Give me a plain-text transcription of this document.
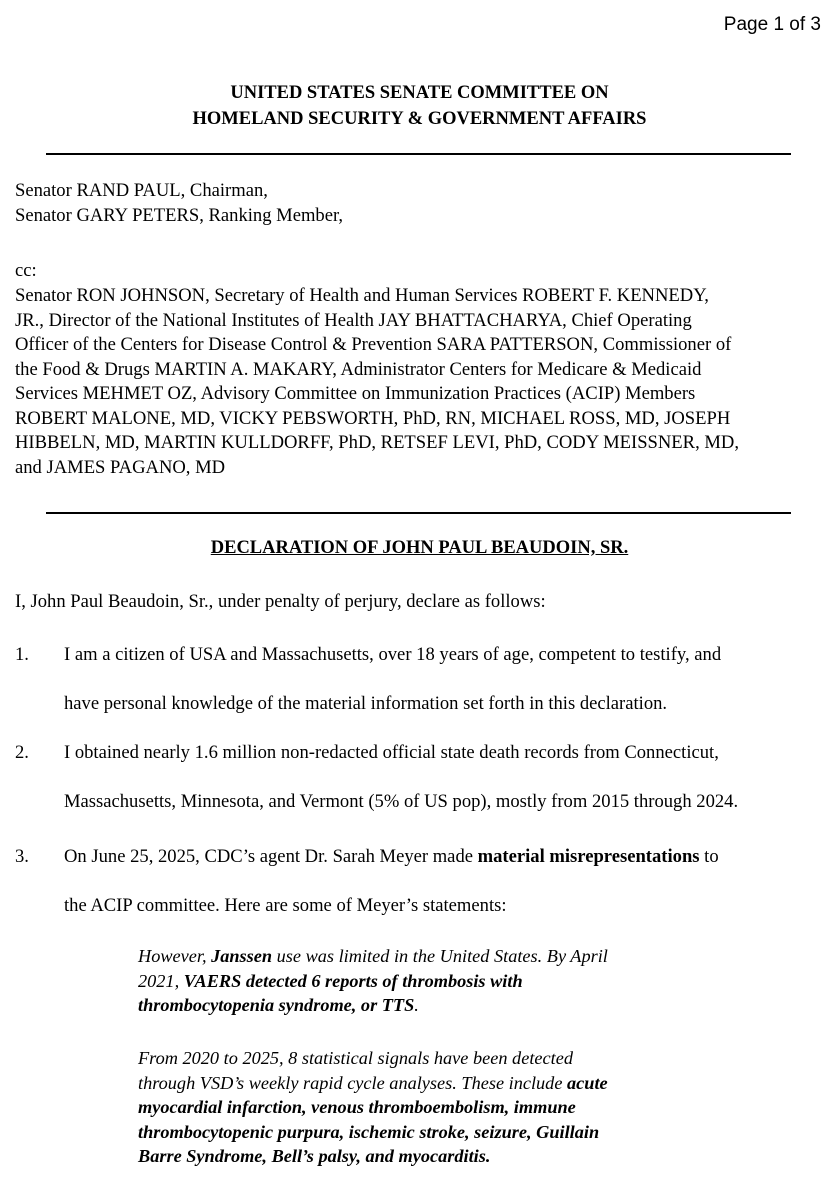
Page 1 of 3
UNITED STATES SENATE COMMITTEE ON
HOMELAND SECURITY & GOVERNMENT AFFAIRS
Senator RAND PAUL, Chairman,
Senator GARY PETERS, Ranking Member,
cc:
Senator RON JOHNSON, Secretary of Health and Human Services ROBERT F. KENNEDY,
JR., Director of the National Institutes of Health JAY BHATTACHARYA, Chief Operating
Officer of the Centers for Disease Control & Prevention SARA PATTERSON, Commissioner of
the Food & Drugs MARTIN A. MAKARY, Administrator Centers for Medicare & Medicaid
Services MEHMET OZ, Advisory Committee on Immunization Practices (ACIP) Members
ROBERT MALONE, MD, VICKY PEBSWORTH, PhD, RN, MICHAEL ROSS, MD, JOSEPH
HIBBELN, MD, MARTIN KULLDORFF, PhD, RETSEF LEVI, PhD, CODY MEISSNER, MD,
and JAMES PAGANO, MD
DECLARATION OF JOHN PAUL BEAUDOIN, SR.
I, John Paul Beaudoin, Sr., under penalty of perjury, declare as follows:
1. I am a citizen of USA and Massachusetts, over 18 years of age, competent to testify, and
have personal knowledge of the material information set forth in this declaration.
2. I obtained nearly 1.6 million non-redacted official state death records from Connecticut,
Massachusetts, Minnesota, and Vermont (5% of US pop), mostly from 2015 through 2024.
3. On June 25, 2025, CDC’s agent Dr. Sarah Meyer made material misrepresentations to
the ACIP committee. Here are some of Meyer’s statements:
However, Janssen use was limited in the United States. By April
2021, VAERS detected 6 reports of thrombosis with
thrombocytopenia syndrome, or TTS.
From 2020 to 2025, 8 statistical signals have been detected
through VSD’s weekly rapid cycle analyses. These include acute
myocardial infarction, venous thromboembolism, immune
thrombocytopenic purpura, ischemic stroke, seizure, Guillain
Barre Syndrome, Bell’s palsy, and myocarditis.
